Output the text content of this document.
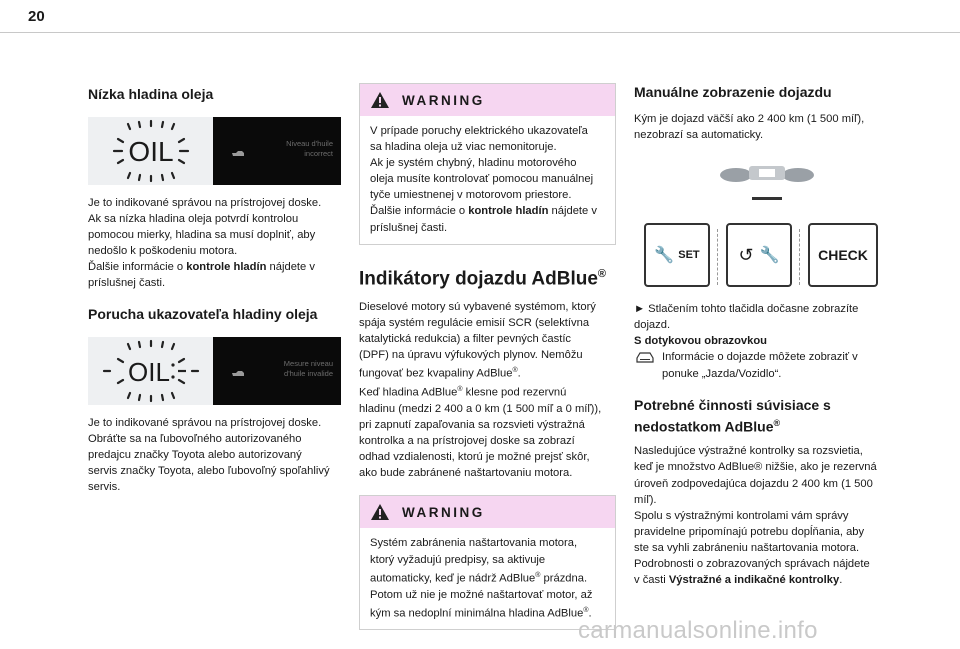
20
Nízka hladina oleja
OIL	Niveau d'huile
incorrect

Je to indikované správou na prístrojovej doske.

Ak sa nízka hladina oleja potvrdí kontrolou

pomocou mierky, hladina sa musí doplniť, aby

nedošlo k poškodeniu motora.

Ďalšie informácie o kontrole hladín nájdete v

príslušnej časti.

Porucha ukazovateľa hladiny oleja
OIL	Mesure niveau
d'huile invalide

Je to indikované správou na prístrojovej doske.

Obráťte sa na ľubovoľného autorizovaného

predajcu značky Toyota alebo autorizovaný

servis značky Toyota, alebo ľubovoľný spoľahlivý

servis.

WARNING

V prípade poruchy elektrického ukazovateľa

sa hladina oleja už viac nemonitoruje.

Ak je systém chybný, hladinu motorového

oleja musíte kontrolovať pomocou manuálnej

tyče umiestnenej v motorovom priestore.

Ďalšie informácie o kontrole hladín nájdete v

príslušnej časti.

Indikátory dojazdu AdBlue®

Dieselové motory sú vybavené systémom, ktorý

spája systém regulácie emisií SCR (selektívna

katalytická redukcia) a filter pevných častíc

(DPF) na úpravu výfukových plynov. Nemôžu

fungovať bez kvapaliny AdBlue®.

Keď hladina AdBlue® klesne pod rezervnú

hladinu (medzi 2 400 a 0 km (1 500 míľ a 0 míľ)),

pri zapnutí zapaľovania sa rozsvieti výstražná

kontrolka a na prístrojovej doske sa zobrazí

odhad vzdialenosti, ktorú je možné prejsť skôr,

ako bude zabránené naštartovaniu motora.

WARNING

Systém zabránenia naštartovania motora,

ktorý vyžadujú predpisy, sa aktivuje

automaticky, keď je nádrž AdBlue® prázdna.

Potom už nie je možné naštartovať motor, až

kým sa nedoplní minimálna hladina AdBlue®.

Manuálne zobrazenie dojazdu

Kým je dojazd väčší ako 2 400 km (1 500 míľ),

nezobrazí sa automaticky.

🔧 SET ↺ 🔧	CHECK

► Stlačením tohto tlačidla dočasne zobrazíte

dojazd.

S dotykovou obrazovkou

Informácie o dojazde môžete zobraziť v

ponuke „Jazda/Vozidlo“.

Potrebné činnosti súvisiace s
nedostatkom AdBlue®

Nasledujúce výstražné kontrolky sa rozsvietia,

keď je množstvo AdBlue® nižšie, ako je rezervná

úroveň zodpovedajúca dojazdu 2 400 km (1 500

míľ).

Spolu s výstražnými kontrolami vám správy

pravidelne pripomínajú potrebu dopĺňania, aby

ste sa vyhli zabráneniu naštartovania motora.

Podrobnosti o zobrazovaných správach nájdete

v časti Výstražné a indikačné kontrolky.

carmanualsonline.info
